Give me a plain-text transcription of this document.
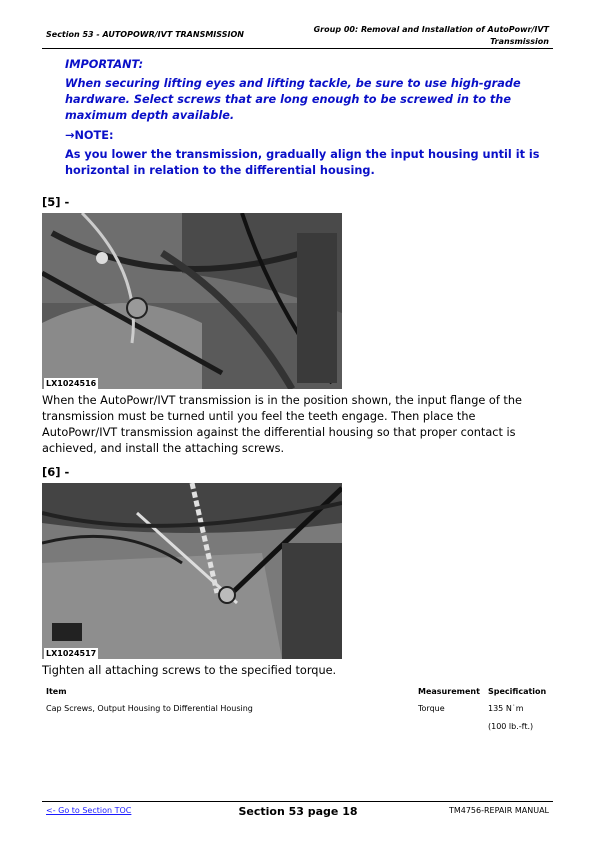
Section 53 - AUTOPOWR/IVT TRANSMISSION
Group 00: Removal and Installation of AutoPowr/IVT
Transmission
IMPORTANT:
When securing lifting eyes and lifting tackle, be sure to use high-grade hardware. Select screws that are long enough to be screwed in to the maximum depth available.
→NOTE:
As you lower the transmission, gradually align the input housing until it is horizontal in relation to the differential housing.
[5] -
LX1024516
When the AutoPowr/IVT transmission is in the position shown, the input flange of the transmission must be turned until you feel the teeth engage. Then place the AutoPowr/IVT transmission against the differential housing so that proper contact is achieved, and install the attaching screws.
[6] -
LX1024517
Tighten all attaching screws to the specified torque.
Item	Measurement	Specification
Cap Screws, Output Housing to Differential Housing	Torque	135 N˙m
(100 lb.-ft.)
<- Go to Section TOC	Section 53 page 18	TM4756-REPAIR MANUAL
